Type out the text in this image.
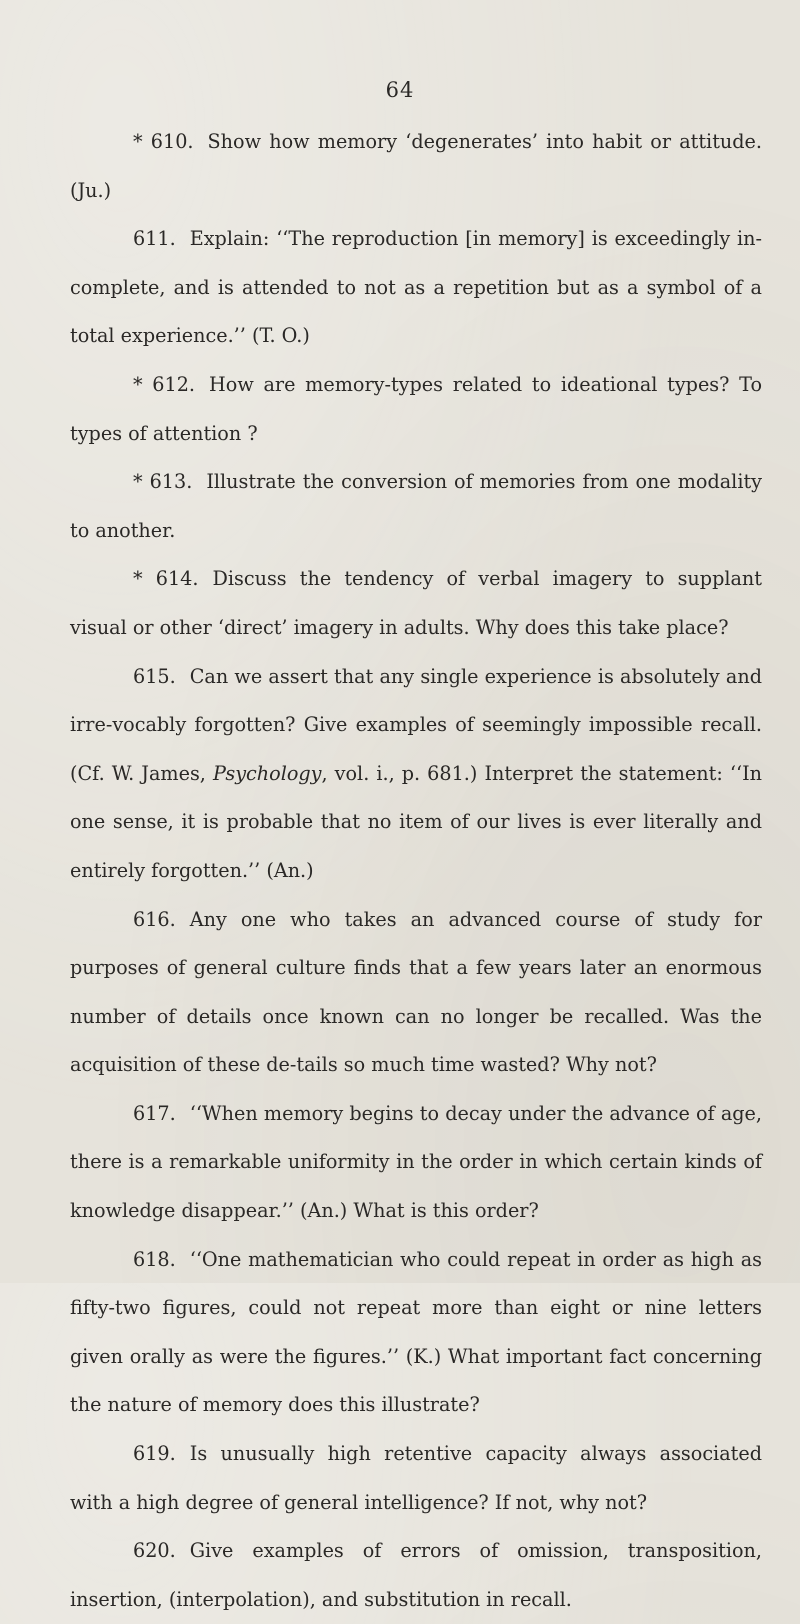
64

* 610. Show how memory ‘degenerates’ into habit or attitude. (Ju.)

611. Explain: ‘‘The reproduction [in memory] is exceedingly in-complete, and is attended to not as a repetition but as a symbol of a total experience.’’ (T. O.)

* 612. How are memory-types related to ideational types? To types of attention ?

* 613. Illustrate the conversion of memories from one modality to another.

* 614. Discuss the tendency of verbal imagery to supplant visual or other ‘direct’ imagery in adults. Why does this take place?

615. Can we assert that any single experience is absolutely and irre-vocably forgotten? Give examples of seemingly impossible recall. (Cf. W. James, Psychology, vol. i., p. 681.) Interpret the statement: ‘‘In one sense, it is probable that no item of our lives is ever literally and entirely forgotten.’’ (An.)

616. Any one who takes an advanced course of study for purposes of general culture finds that a few years later an enormous number of details once known can no longer be recalled. Was the acquisition of these de-tails so much time wasted? Why not?

617. ‘‘When memory begins to decay under the advance of age, there is a remarkable uniformity in the order in which certain kinds of knowledge disappear.’’ (An.) What is this order?

618. ‘‘One mathematician who could repeat in order as high as fifty-two figures, could not repeat more than eight or nine letters given orally as were the figures.’’ (K.) What important fact concerning the nature of memory does this illustrate?

619. Is unusually high retentive capacity always associated with a high degree of general intelligence? If not, why not?

620. Give examples of errors of omission, transposition, insertion, (interpolation), and substitution in recall.
